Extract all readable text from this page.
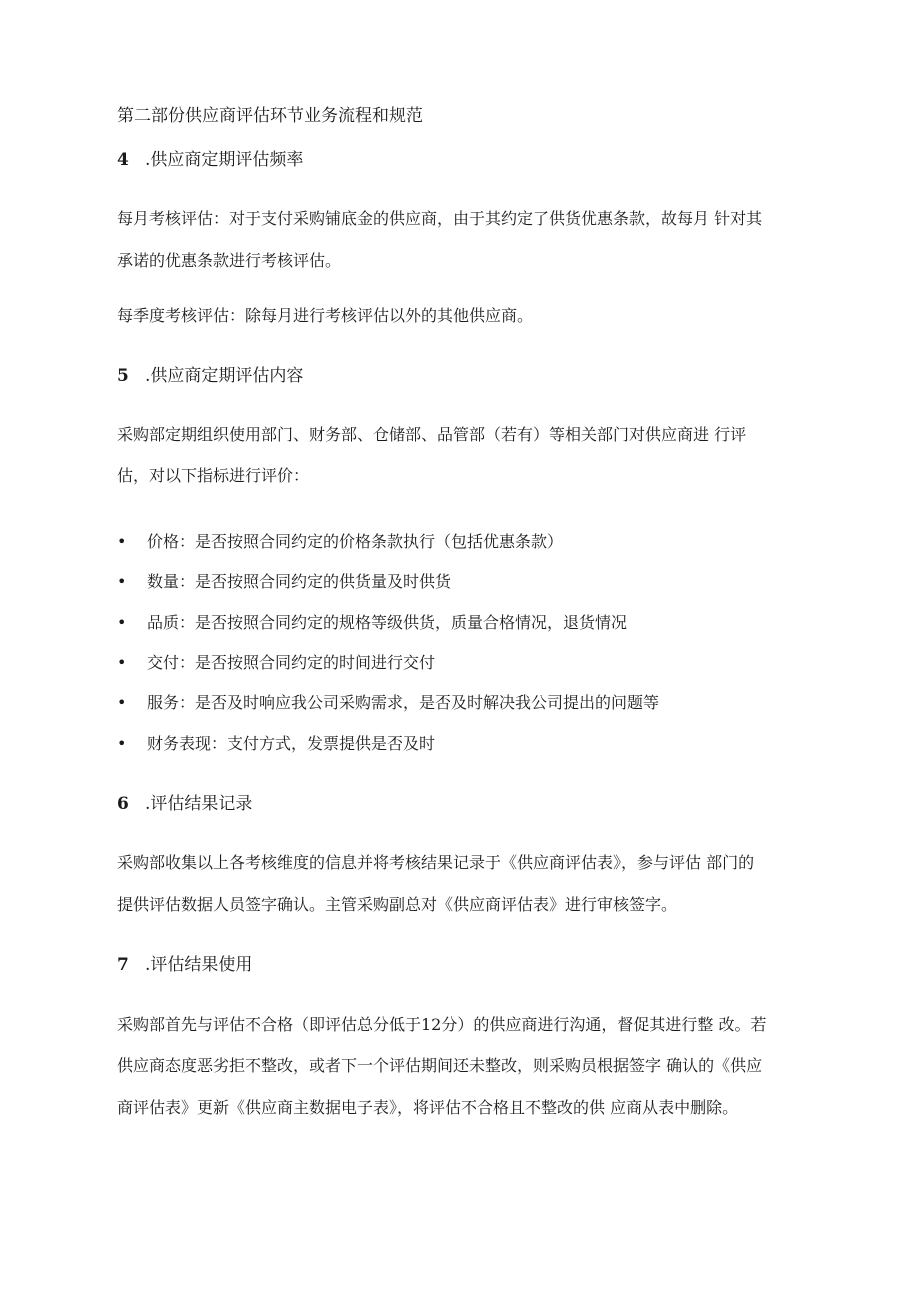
第二部份供应商评估环节业务流程和规范
4 .供应商定期评估频率
每月考核评估：对于支付采购铺底金的供应商，由于其约定了供货优惠条款，故每月 针对其
承诺的优惠条款进行考核评估。
每季度考核评估：除每月进行考核评估以外的其他供应商。
5 .供应商定期评估内容
采购部定期组织使用部门、财务部、仓储部、品管部（若有）等相关部门对供应商进 行评
估，对以下指标进行评价：
• 价格：是否按照合同约定的价格条款执行（包括优惠条款）
• 数量：是否按照合同约定的供货量及时供货
• 品质：是否按照合同约定的规格等级供货，质量合格情况，退货情况
• 交付：是否按照合同约定的时间进行交付
• 服务：是否及时响应我公司采购需求，是否及时解决我公司提出的问题等
• 财务表现：支付方式，发票提供是否及时
6 .评估结果记录
采购部收集以上各考核维度的信息并将考核结果记录于《供应商评估表》，参与评估 部门的
提供评估数据人员签字确认。主管采购副总对《供应商评估表》进行审核签字。
7 .评估结果使用
采购部首先与评估不合格（即评估总分低于12分）的供应商进行沟通，督促其进行整 改。若
供应商态度恶劣拒不整改，或者下一个评估期间还未整改，则采购员根据签字 确认的《供应
商评估表》更新《供应商主数据电子表》，将评估不合格且不整改的供 应商从表中删除。
